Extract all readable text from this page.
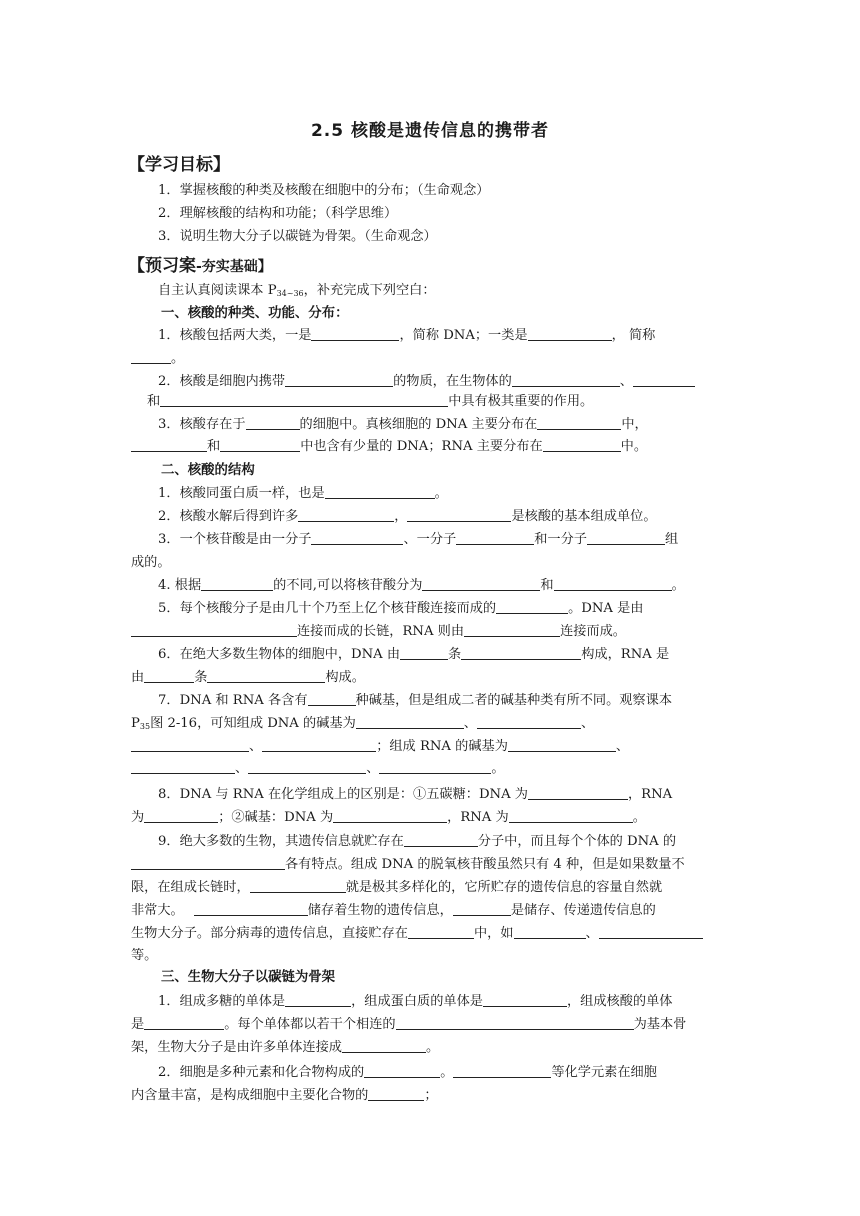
2.5 核酸是遗传信息的携带者
【学习目标】
1．掌握核酸的种类及核酸在细胞中的分布；（生命观念）
2．理解核酸的结构和功能；（科学思维）
3．说明生物大分子以碳链为骨架。（生命观念）
【预习案-夯实基础】
自主认真阅读课本 P34~36，补充完成下列空白：
一、核酸的种类、功能、分布：
1．核酸包括两大类，一是	，简称 DNA；一类是	， 简称
。
2．核酸是细胞内携带	的物质，在生物体的	、
和	中具有极其重要的作用。
3．核酸存在于	的细胞中。真核细胞的 DNA 主要分布在	中，
和	中也含有少量的 DNA；RNA 主要分布在	中。
二、核酸的结构
1．核酸同蛋白质一样，也是	。
2．核酸水解后得到许多	，	是核酸的基本组成单位。
3．一个核苷酸是由一分子	、一分子	和一分子	组
成的。
4. 根据	的不同,可以将核苷酸分为	和	。
5．每个核酸分子是由几十个乃至上亿个核苷酸连接而成的	。DNA 是由
连接而成的长链，RNA 则由	连接而成。
6．在绝大多数生物体的细胞中，DNA 由	条	构成，RNA 是
由	条	构成。
7．DNA 和 RNA 各含有	种碱基，但是组成二者的碱基种类有所不同。观察课本
P35图 2-16，可知组成 DNA 的碱基为	、	、
、	；组成 RNA 的碱基为	、
、	、	。
8．DNA 与 RNA 在化学组成上的区别是：①五碳糖：DNA 为	，RNA
为	；②碱基：DNA 为	，RNA 为	。
9．绝大多数的生物，其遗传信息就贮存在	分子中，而且每个个体的 DNA 的
各有特点。组成 DNA 的脱氧核苷酸虽然只有 4 种，但是如果数量不
限，在组成长链时，	就是极其多样化的，它所贮存的遗传信息的容量自然就
非常大。	储存着生物的遗传信息，	是储存、传递遗传信息的
生物大分子。部分病毒的遗传信息，直接贮存在	中，如	、
等。
三、生物大分子以碳链为骨架
1．组成多糖的单体是	，组成蛋白质的单体是	，组成核酸的单体
是	。每个单体都以若干个相连的	为基本骨
架，生物大分子是由许多单体连接成	。
2．细胞是多种元素和化合物构成的	。	等化学元素在细胞
内含量丰富，是构成细胞中主要化合物的	；
